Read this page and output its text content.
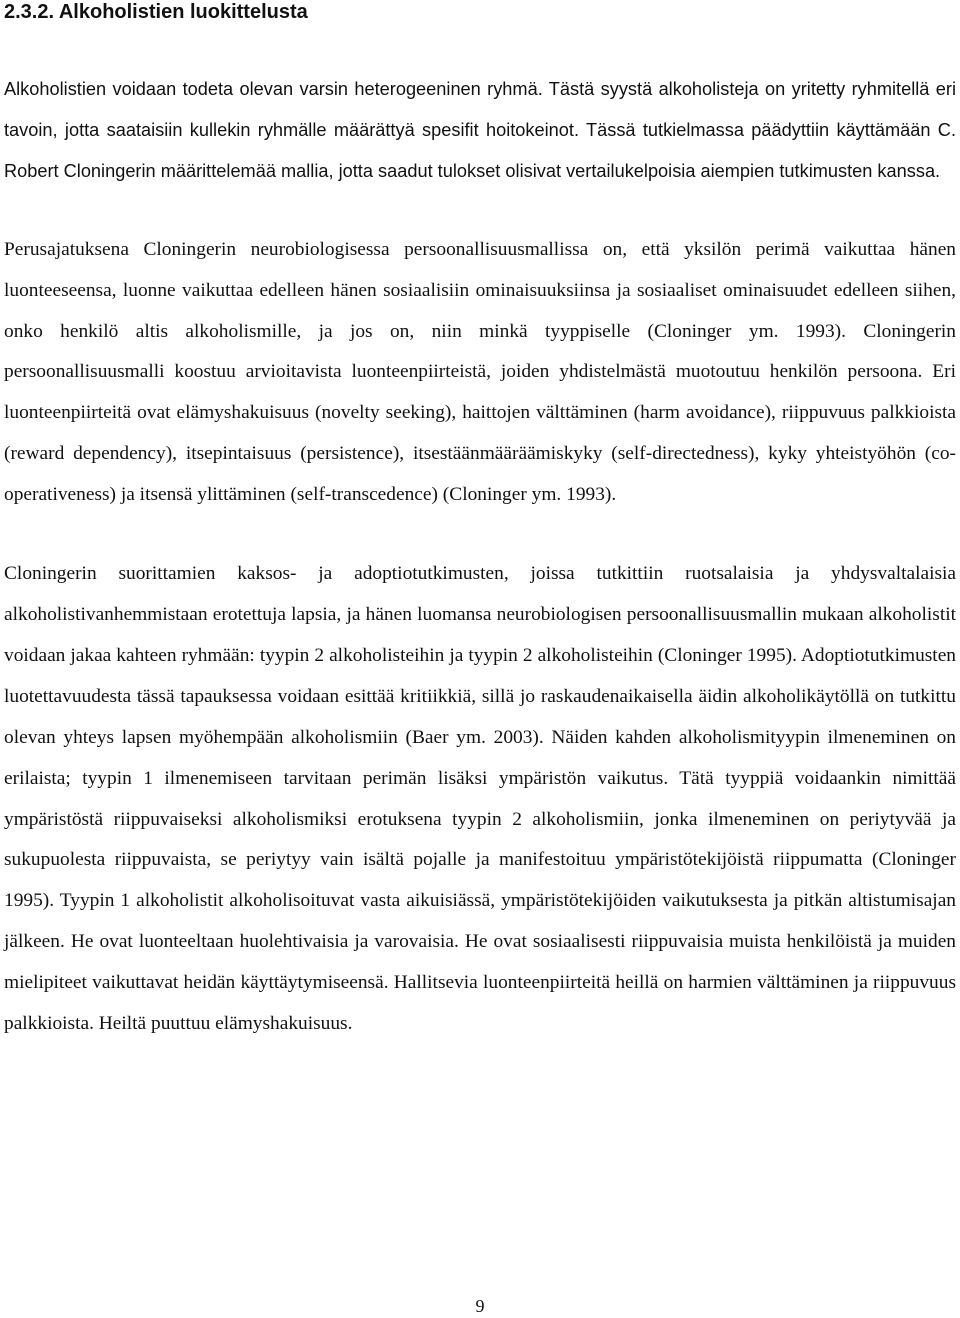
2.3.2. Alkoholistien luokittelusta

Alkoholistien voidaan todeta olevan varsin heterogeeninen ryhmä. Tästä syystä alkoholisteja on yritetty ryhmitellä eri tavoin, jotta saataisiin kullekin ryhmälle määrättyä spesifit hoitokeinot. Tässä tutkielmassa päädyttiin käyttämään C. Robert Cloningerin määrittelemää mallia, jotta saadut tulokset olisivat vertailukelpoisia aiempien tutkimusten kanssa.

Perusajatuksena Cloningerin neurobiologisessa persoonallisuusmallissa on, että yksilön perimä vaikuttaa hänen luonteeseensa, luonne vaikuttaa edelleen hänen sosiaalisiin ominaisuuksiinsa ja sosiaaliset ominaisuudet edelleen siihen, onko henkilö altis alkoholismille, ja jos on, niin minkä tyyppiselle (Cloninger ym. 1993). Cloningerin persoonallisuusmalli koostuu arvioitavista luonteenpiirteistä, joiden yhdistelmästä muotoutuu henkilön persoona. Eri luonteenpiirteitä ovat elämyshakuisuus (novelty seeking), haittojen välttäminen (harm avoidance), riippuvuus palkkioista (reward dependency), itsepintaisuus (persistence), itsestäänmääräämiskyky (self-directedness), kyky yhteistyöhön (co-operativeness) ja itsensä ylittäminen (self-transcedence) (Cloninger ym. 1993).

Cloningerin suorittamien kaksos- ja adoptiotutkimusten, joissa tutkittiin ruotsalaisia ja yhdysvaltalaisia alkoholistivanhemmistaan erotettuja lapsia, ja hänen luomansa neurobiologisen persoonallisuusmallin mukaan alkoholistit voidaan jakaa kahteen ryhmään: tyypin 2 alkoholisteihin ja tyypin 2 alkoholisteihin (Cloninger 1995). Adoptiotutkimusten luotettavuudesta tässä tapauksessa voidaan esittää kritiikkiä, sillä jo raskaudenaikaisella äidin alkoholikäytöllä on tutkittu olevan yhteys lapsen myöhempään alkoholismiin (Baer ym. 2003). Näiden kahden alkoholismityypin ilmeneminen on erilaista; tyypin 1 ilmenemiseen tarvitaan perimän lisäksi ympäristön vaikutus. Tätä tyyppiä voidaankin nimittää ympäristöstä riippuvaiseksi alkoholismiksi erotuksena tyypin 2 alkoholismiin, jonka ilmeneminen on periytyvää ja sukupuolesta riippuvaista, se periytyy vain isältä pojalle ja manifestoituu ympäristötekijöistä riippumatta (Cloninger 1995). Tyypin 1 alkoholistit alkoholisoituvat vasta aikuisiässä, ympäristötekijöiden vaikutuksesta ja pitkän altistumisajan jälkeen. He ovat luonteeltaan huolehtivaisia ja varovaisia. He ovat sosiaalisesti riippuvaisia muista henkilöistä ja muiden mielipiteet vaikuttavat heidän käyttäytymiseensä. Hallitsevia luonteenpiirteitä heillä on harmien välttäminen ja riippuvuus palkkioista. Heiltä puuttuu elämyshakuisuus.

9
